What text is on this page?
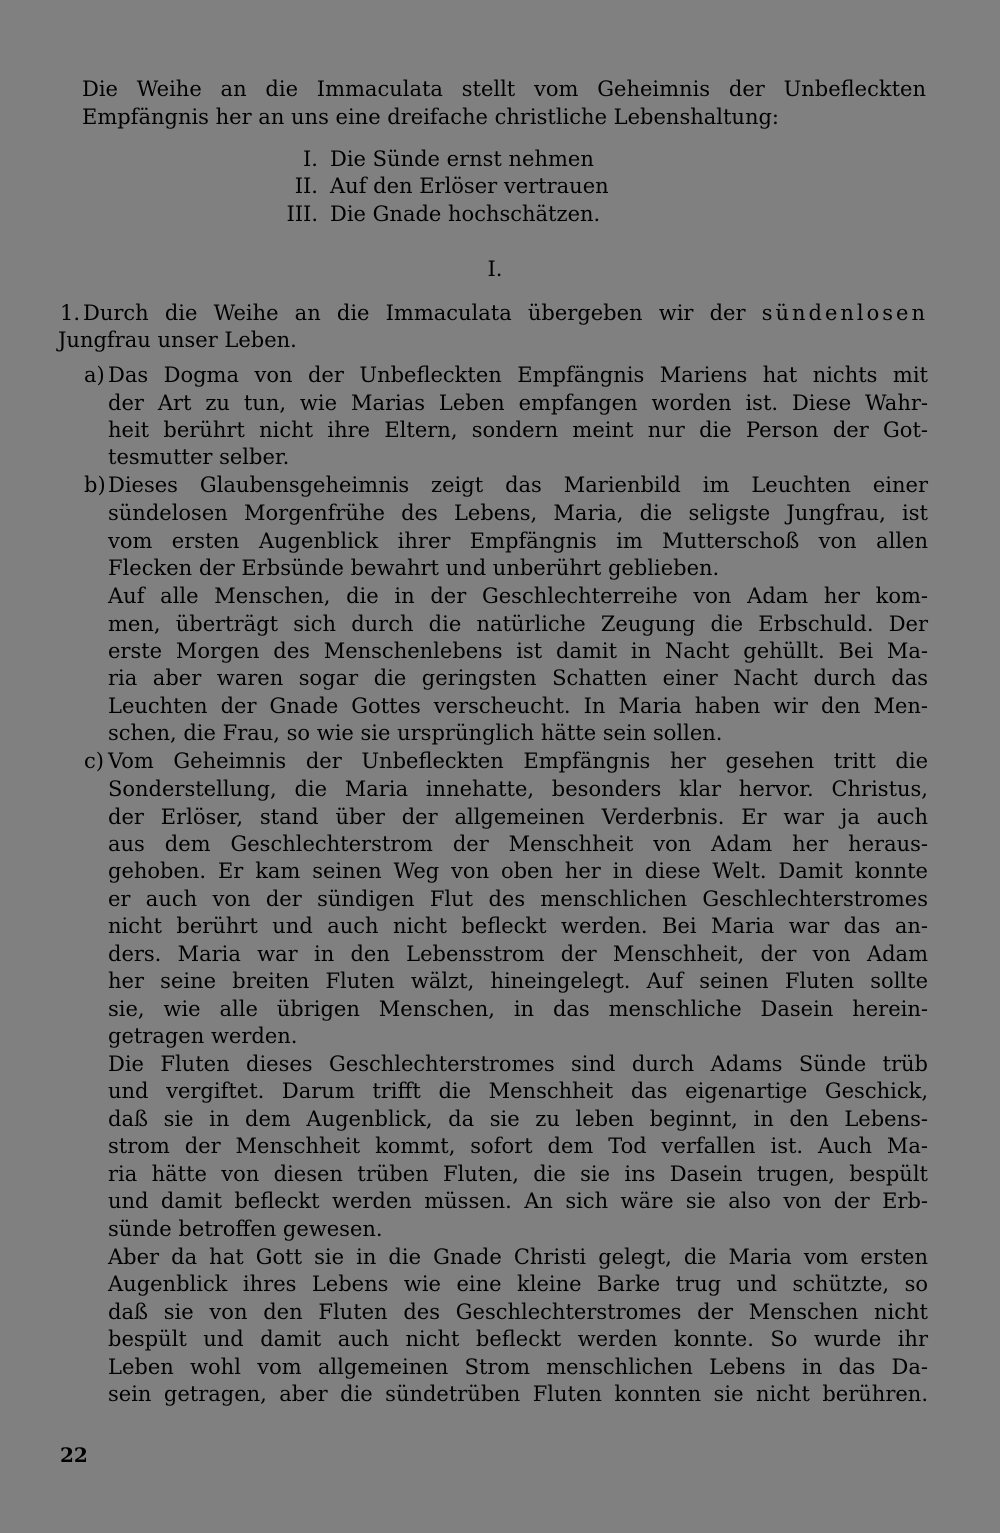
Die Weihe an die Immaculata stellt vom Geheimnis der Unbefleckten
Empfängnis her an uns eine dreifache christliche Lebenshaltung:
I. Die Sünde ernst nehmen
II. Auf den Erlöser vertrauen
III. Die Gnade hochschätzen.
I.
1. Durch die Weihe an die Immaculata übergeben wir der sündenlosen
Jungfrau unser Leben.
a) Das Dogma von der Unbefleckten Empfängnis Mariens hat nichts mit
der Art zu tun, wie Marias Leben empfangen worden ist. Diese Wahr-
heit berührt nicht ihre Eltern, sondern meint nur die Person der Got-
tesmutter selber.
b) Dieses Glaubensgeheimnis zeigt das Marienbild im Leuchten einer
sündelosen Morgenfrühe des Lebens, Maria, die seligste Jungfrau, ist
vom ersten Augenblick ihrer Empfängnis im Mutterschoß von allen
Flecken der Erbsünde bewahrt und unberührt geblieben.
Auf alle Menschen, die in der Geschlechterreihe von Adam her kom-
men, überträgt sich durch die natürliche Zeugung die Erbschuld. Der
erste Morgen des Menschenlebens ist damit in Nacht gehüllt. Bei Ma-
ria aber waren sogar die geringsten Schatten einer Nacht durch das
Leuchten der Gnade Gottes verscheucht. In Maria haben wir den Men-
schen, die Frau, so wie sie ursprünglich hätte sein sollen.
c) Vom Geheimnis der Unbefleckten Empfängnis her gesehen tritt die
Sonderstellung, die Maria innehatte, besonders klar hervor. Christus,
der Erlöser, stand über der allgemeinen Verderbnis. Er war ja auch
aus dem Geschlechterstrom der Menschheit von Adam her heraus-
gehoben. Er kam seinen Weg von oben her in diese Welt. Damit konnte
er auch von der sündigen Flut des menschlichen Geschlechterstromes
nicht berührt und auch nicht befleckt werden. Bei Maria war das an-
ders. Maria war in den Lebensstrom der Menschheit, der von Adam
her seine breiten Fluten wälzt, hineingelegt. Auf seinen Fluten sollte
sie, wie alle übrigen Menschen, in das menschliche Dasein herein-
getragen werden.
Die Fluten dieses Geschlechterstromes sind durch Adams Sünde trüb
und vergiftet. Darum trifft die Menschheit das eigenartige Geschick,
daß sie in dem Augenblick, da sie zu leben beginnt, in den Lebens-
strom der Menschheit kommt, sofort dem Tod verfallen ist. Auch Ma-
ria hätte von diesen trüben Fluten, die sie ins Dasein trugen, bespült
und damit befleckt werden müssen. An sich wäre sie also von der Erb-
sünde betroffen gewesen.
Aber da hat Gott sie in die Gnade Christi gelegt, die Maria vom ersten
Augenblick ihres Lebens wie eine kleine Barke trug und schützte, so
daß sie von den Fluten des Geschlechterstromes der Menschen nicht
bespült und damit auch nicht befleckt werden konnte. So wurde ihr
Leben wohl vom allgemeinen Strom menschlichen Lebens in das Da-
sein getragen, aber die sündetrüben Fluten konnten sie nicht berühren.
22
